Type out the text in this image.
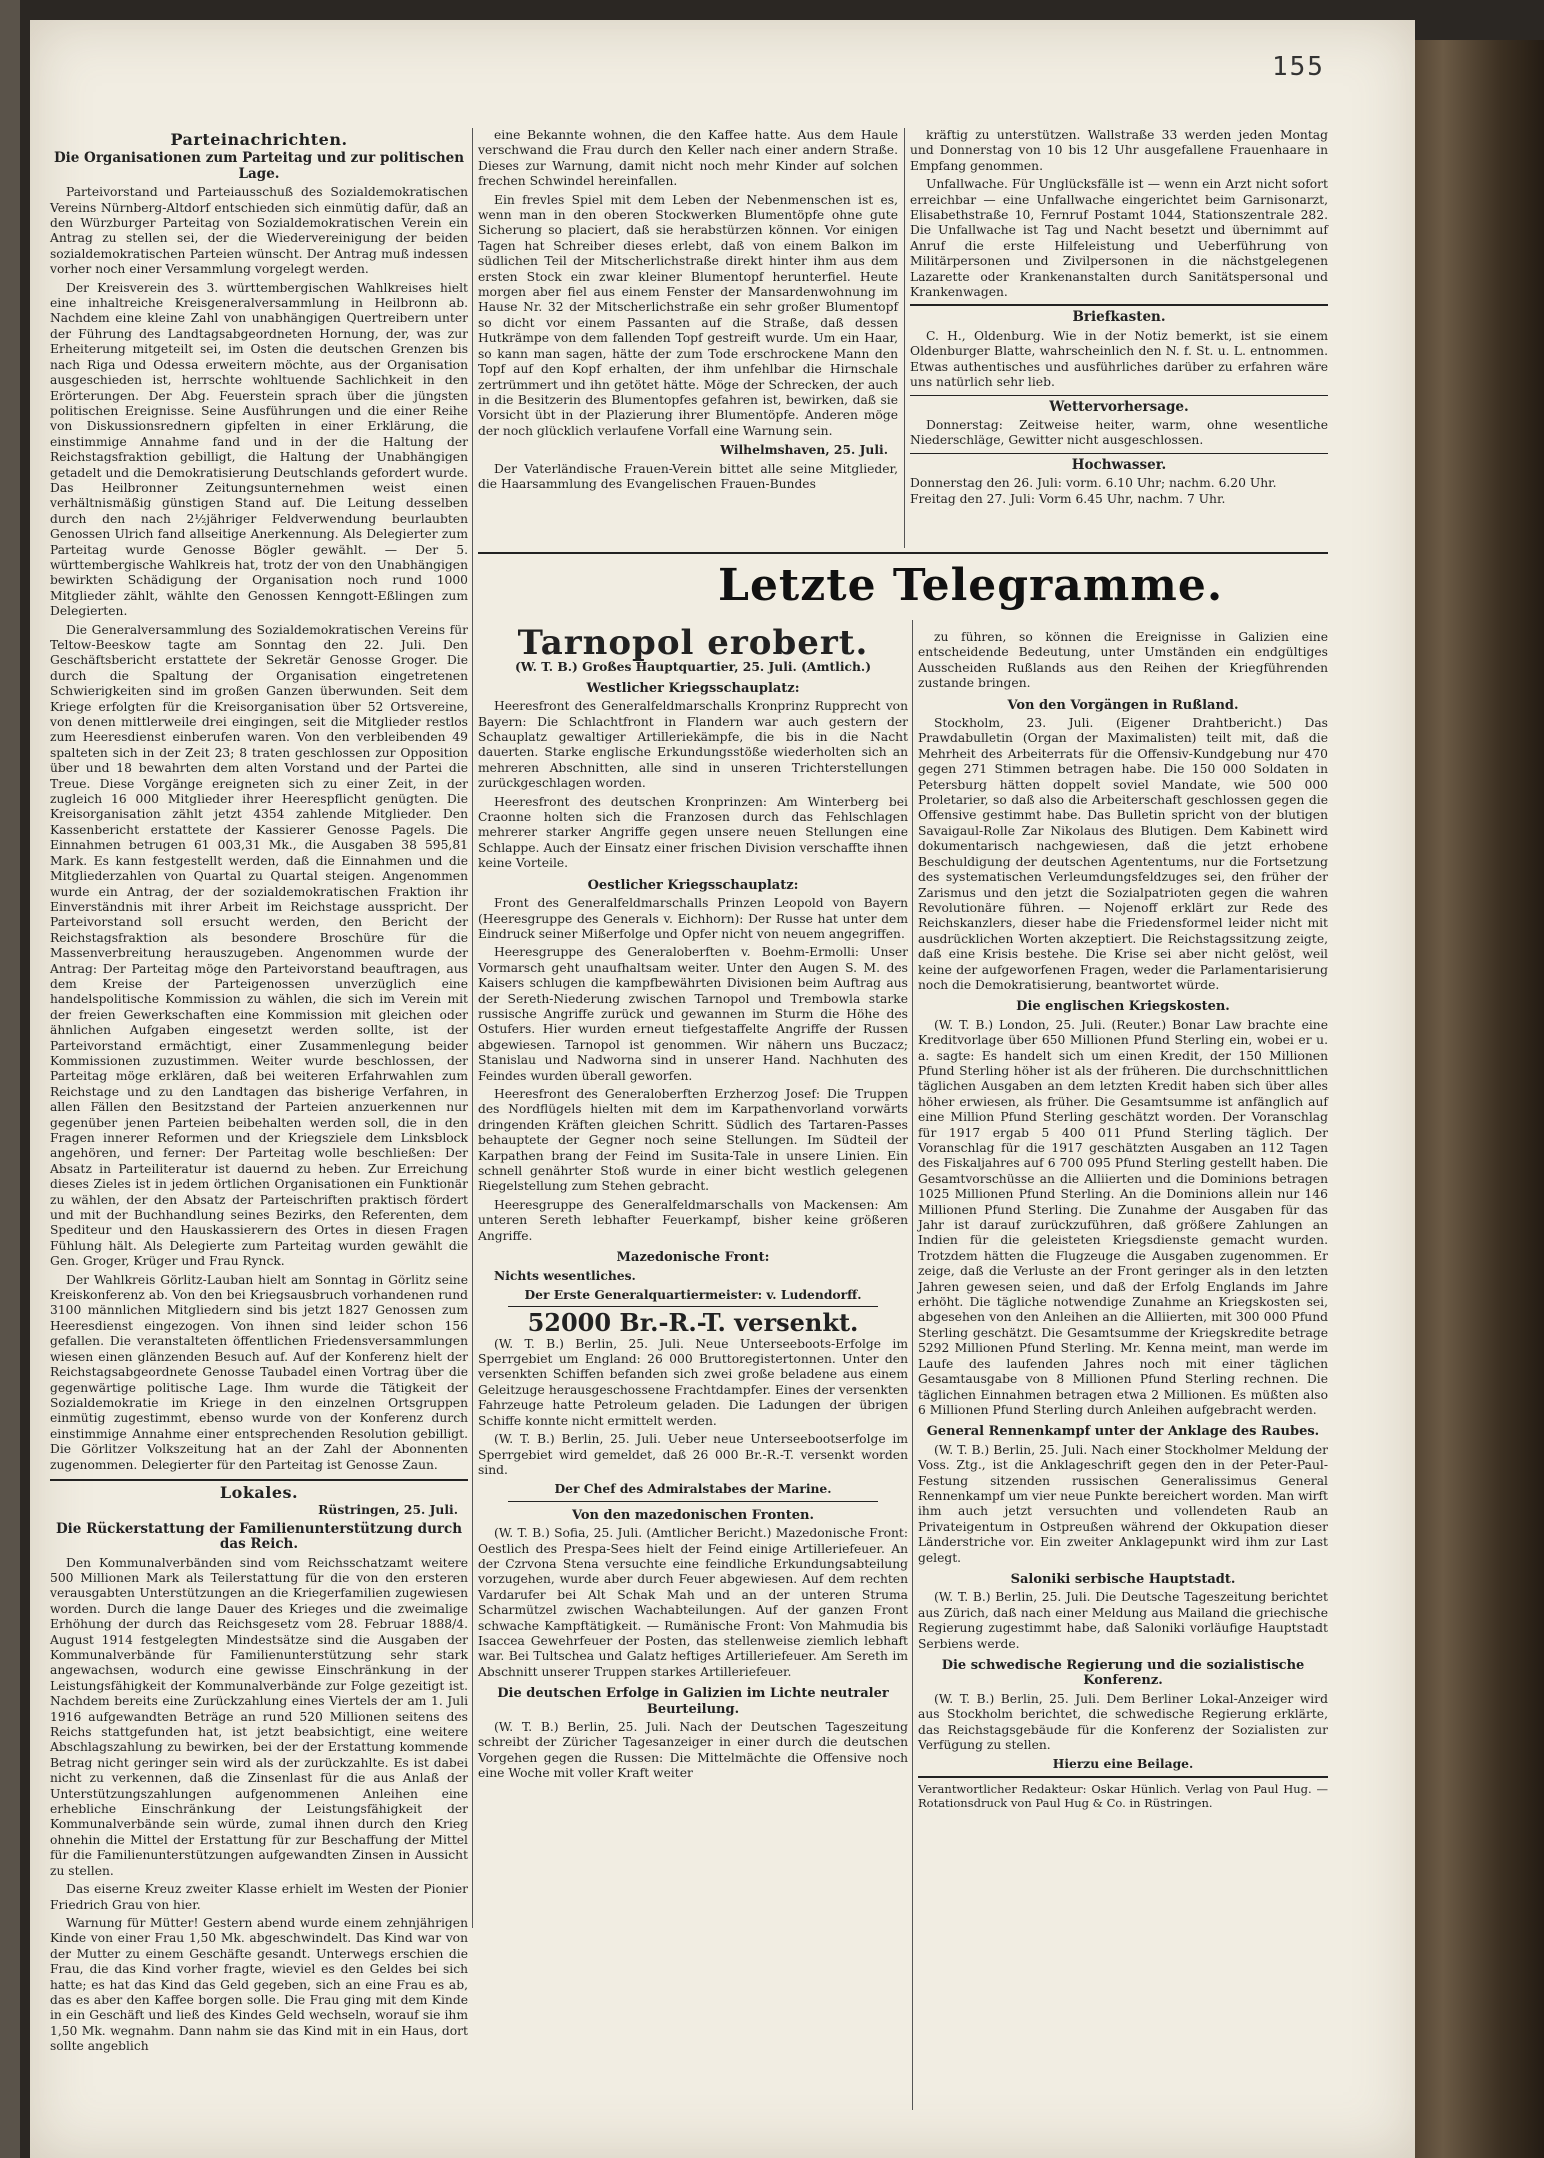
155
Parteinachrichten.
Die Organisationen zum Parteitag und zur politischen Lage.

Parteivorstand und Parteiausschuß des Sozialdemokratischen Vereins Nürnberg-Altdorf entschieden sich einmütig dafür, daß an den Würzburger Parteitag von Sozialdemokratischen Verein ein Antrag zu stellen sei, der die Wiedervereinigung der beiden sozialdemokratischen Parteien wünscht. Der Antrag muß indessen vorher noch einer Versammlung vorgelegt werden.

Der Kreisverein des 3. württembergischen Wahlkreises hielt eine inhaltreiche Kreisgeneralversammlung in Heilbronn ab. Nachdem eine kleine Zahl von unabhängigen Quertreibern unter der Führung des Landtagsabgeordneten Hornung, der, was zur Erheiterung mitgeteilt sei, im Osten die deutschen Grenzen bis nach Riga und Odessa erweitern möchte, aus der Organisation ausgeschieden ist, herrschte wohltuende Sachlichkeit in den Erörterungen. Der Abg. Feuerstein sprach über die jüngsten politischen Ereignisse. Seine Ausführungen und die einer Reihe von Diskussionsrednern gipfelten in einer Erklärung, die einstimmige Annahme fand und in der die Haltung der Reichstagsfraktion gebilligt, die Haltung der Unabhängigen getadelt und die Demokratisierung Deutschlands gefordert wurde. Das Heilbronner Zeitungsunternehmen weist einen verhältnismäßig günstigen Stand auf. Die Leitung desselben durch den nach 2½jähriger Feldverwendung beurlaubten Genossen Ulrich fand allseitige Anerkennung. Als Delegierter zum Parteitag wurde Genosse Bögler gewählt. — Der 5. württembergische Wahlkreis hat, trotz der von den Unabhängigen bewirkten Schädigung der Organisation noch rund 1000 Mitglieder zählt, wählte den Genossen Kenngott-Eßlingen zum Delegierten.

Die Generalversammlung des Sozialdemokratischen Vereins für Teltow-Beeskow tagte am Sonntag den 22. Juli. Den Geschäftsbericht erstattete der Sekretär Genosse Groger. Die durch die Spaltung der Organisation eingetretenen Schwierigkeiten sind im großen Ganzen überwunden. Seit dem Kriege erfolgten für die Kreisorganisation über 52 Ortsvereine, von denen mittlerweile drei eingingen, seit die Mitglieder restlos zum Heeresdienst einberufen waren. Von den verbleibenden 49 spalteten sich in der Zeit 23; 8 traten geschlossen zur Opposition über und 18 bewahrten dem alten Vorstand und der Partei die Treue. Diese Vorgänge ereigneten sich zu einer Zeit, in der zugleich 16 000 Mitglieder ihrer Heerespflicht genügten. Die Kreisorganisation zählt jetzt 4354 zahlende Mitglieder. Den Kassenbericht erstattete der Kassierer Genosse Pagels. Die Einnahmen betrugen 61 003,31 Mk., die Ausgaben 38 595,81 Mark. Es kann festgestellt werden, daß die Einnahmen und die Mitgliederzahlen von Quartal zu Quartal steigen. Angenommen wurde ein Antrag, der der sozialdemokratischen Fraktion ihr Einverständnis mit ihrer Arbeit im Reichstage ausspricht. Der Parteivorstand soll ersucht werden, den Bericht der Reichstagsfraktion als besondere Broschüre für die Massenverbreitung herauszugeben. Angenommen wurde der Antrag: Der Parteitag möge den Parteivorstand beauftragen, aus dem Kreise der Parteigenossen unverzüglich eine handelspolitische Kommission zu wählen, die sich im Verein mit der freien Gewerkschaften eine Kommission mit gleichen oder ähnlichen Aufgaben eingesetzt werden sollte, ist der Parteivorstand ermächtigt, einer Zusammenlegung beider Kommissionen zuzustimmen. Weiter wurde beschlossen, der Parteitag möge erklären, daß bei weiteren Erfahrwahlen zum Reichstage und zu den Landtagen das bisherige Verfahren, in allen Fällen den Besitzstand der Parteien anzuerkennen nur gegenüber jenen Parteien beibehalten werden soll, die in den Fragen innerer Reformen und der Kriegsziele dem Linksblock angehören, und ferner: Der Parteitag wolle beschließen: Der Absatz in Parteiliteratur ist dauernd zu heben. Zur Erreichung dieses Zieles ist in jedem örtlichen Organisationen ein Funktionär zu wählen, der den Absatz der Parteischriften praktisch fördert und mit der Buchhandlung seines Bezirks, den Referenten, dem Spediteur und den Hauskassierern des Ortes in diesen Fragen Fühlung hält. Als Delegierte zum Parteitag wurden gewählt die Gen. Groger, Krüger und Frau Rynck.

Der Wahlkreis Görlitz-Lauban hielt am Sonntag in Görlitz seine Kreiskonferenz ab. Von den bei Kriegsausbruch vorhandenen rund 3100 männlichen Mitgliedern sind bis jetzt 1827 Genossen zum Heeresdienst eingezogen. Von ihnen sind leider schon 156 gefallen. Die veranstalteten öffentlichen Friedensversammlungen wiesen einen glänzenden Besuch auf. Auf der Konferenz hielt der Reichstagsabgeordnete Genosse Taubadel einen Vortrag über die gegenwärtige politische Lage. Ihm wurde die Tätigkeit der Sozialdemokratie im Kriege in den einzelnen Ortsgruppen einmütig zugestimmt, ebenso wurde von der Konferenz durch einstimmige Annahme einer entsprechenden Resolution gebilligt. Die Görlitzer Volkszeitung hat an der Zahl der Abonnenten zugenommen. Delegierter für den Parteitag ist Genosse Zaun.

Lokales.
Rüstringen, 25. Juli.
Die Rückerstattung der Familienunterstützung durch das Reich.

Den Kommunalverbänden sind vom Reichsschatzamt weitere 500 Millionen Mark als Teilerstattung für die von den ersteren verausgabten Unterstützungen an die Kriegerfamilien zugewiesen worden. Durch die lange Dauer des Krieges und die zweimalige Erhöhung der durch das Reichsgesetz vom 28. Februar 1888/4. August 1914 festgelegten Mindestsätze sind die Ausgaben der Kommunalverbände für Familienunterstützung sehr stark angewachsen, wodurch eine gewisse Einschränkung in der Leistungsfähigkeit der Kommunalverbände zur Folge gezeitigt ist. Nachdem bereits eine Zurückzahlung eines Viertels der am 1. Juli 1916 aufgewandten Beträge an rund 520 Millionen seitens des Reichs stattgefunden hat, ist jetzt beabsichtigt, eine weitere Abschlagszahlung zu bewirken, bei der der Erstattung kommende Betrag nicht geringer sein wird als der zurückzahlte. Es ist dabei nicht zu verkennen, daß die Zinsenlast für die aus Anlaß der Unterstützungszahlungen aufgenommenen Anleihen eine erhebliche Einschränkung der Leistungsfähigkeit der Kommunalverbände sein würde, zumal ihnen durch den Krieg ohnehin die Mittel der Erstattung für zur Beschaffung der Mittel für die Familienunterstützungen aufgewandten Zinsen in Aussicht zu stellen.

Das eiserne Kreuz zweiter Klasse erhielt im Westen der Pionier Friedrich Grau von hier.

Warnung für Mütter! Gestern abend wurde einem zehnjährigen Kinde von einer Frau 1,50 Mk. abgeschwindelt. Das Kind war von der Mutter zu einem Geschäfte gesandt. Unterwegs erschien die Frau, die das Kind vorher fragte, wieviel es den Geldes bei sich hatte; es hat das Kind das Geld gegeben, sich an eine Frau es ab, das es aber den Kaffee borgen solle. Die Frau ging mit dem Kinde in ein Geschäft und ließ des Kindes Geld wechseln, worauf sie ihm 1,50 Mk. wegnahm. Dann nahm sie das Kind mit in ein Haus, dort sollte angeblich

eine Bekannte wohnen, die den Kaffee hatte. Aus dem Haule verschwand die Frau durch den Keller nach einer andern Straße. Dieses zur Warnung, damit nicht noch mehr Kinder auf solchen frechen Schwindel hereinfallen.

Ein frevles Spiel mit dem Leben der Nebenmenschen ist es, wenn man in den oberen Stockwerken Blumentöpfe ohne gute Sicherung so placiert, daß sie herabstürzen können. Vor einigen Tagen hat Schreiber dieses erlebt, daß von einem Balkon im südlichen Teil der Mitscherlichstraße direkt hinter ihm aus dem ersten Stock ein zwar kleiner Blumentopf herunterfiel. Heute morgen aber fiel aus einem Fenster der Mansardenwohnung im Hause Nr. 32 der Mitscherlichstraße ein sehr großer Blumentopf so dicht vor einem Passanten auf die Straße, daß dessen Hutkrämpe von dem fallenden Topf gestreift wurde. Um ein Haar, so kann man sagen, hätte der zum Tode erschrockene Mann den Topf auf den Kopf erhalten, der ihm unfehlbar die Hirnschale zertrümmert und ihn getötet hätte. Möge der Schrecken, der auch in die Besitzerin des Blumentopfes gefahren ist, bewirken, daß sie Vorsicht übt in der Plazierung ihrer Blumentöpfe. Anderen möge der noch glücklich verlaufene Vorfall eine Warnung sein.

Wilhelmshaven, 25. Juli.

Der Vaterländische Frauen-Verein bittet alle seine Mitglieder, die Haarsammlung des Evangelischen Frauen-Bundes

kräftig zu unterstützen. Wallstraße 33 werden jeden Montag und Donnerstag von 10 bis 12 Uhr ausgefallene Frauenhaare in Empfang genommen.

Unfallwache. Für Unglücksfälle ist — wenn ein Arzt nicht sofort erreichbar — eine Unfallwache eingerichtet beim Garnisonarzt, Elisabethstraße 10, Fernruf Postamt 1044, Stationszentrale 282. Die Unfallwache ist Tag und Nacht besetzt und übernimmt auf Anruf die erste Hilfeleistung und Ueberführung von Militärpersonen und Zivilpersonen in die nächstgelegenen Lazarette oder Krankenanstalten durch Sanitätspersonal und Krankenwagen.

Briefkasten.

C. H., Oldenburg. Wie in der Notiz bemerkt, ist sie einem Oldenburger Blatte, wahrscheinlich den N. f. St. u. L. entnommen. Etwas authentisches und ausführliches darüber zu erfahren wäre uns natürlich sehr lieb.

Wettervorhersage.

Donnerstag: Zeitweise heiter, warm, ohne wesentliche Niederschläge, Gewitter nicht ausgeschlossen.

Hochwasser.
Donnerstag den 26. Juli: vorm. 6.10 Uhr; nachm. 6.20 Uhr.
Freitag den 27. Juli: Vorm 6.45 Uhr, nachm. 7 Uhr.
Letzte Telegramme.
Tarnopol erobert.
(W. T. B.) Großes Hauptquartier, 25. Juli. (Amtlich.)
Westlicher Kriegsschauplatz:

Heeresfront des Generalfeldmarschalls Kronprinz Rupprecht von Bayern: Die Schlachtfront in Flandern war auch gestern der Schauplatz gewaltiger Artilleriekämpfe, die bis in die Nacht dauerten. Starke englische Erkundungsstöße wiederholten sich an mehreren Abschnitten, alle sind in unseren Trichterstellungen zurückgeschlagen worden.

Heeresfront des deutschen Kronprinzen: Am Winterberg bei Craonne holten sich die Franzosen durch das Fehlschlagen mehrerer starker Angriffe gegen unsere neuen Stellungen eine Schlappe. Auch der Einsatz einer frischen Division verschaffte ihnen keine Vorteile.

Oestlicher Kriegsschauplatz:

Front des Generalfeldmarschalls Prinzen Leopold von Bayern (Heeresgruppe des Generals v. Eichhorn): Der Russe hat unter dem Eindruck seiner Mißerfolge und Opfer nicht von neuem angegriffen.

Heeresgruppe des Generaloberften v. Boehm-Ermolli: Unser Vormarsch geht unaufhaltsam weiter. Unter den Augen S. M. des Kaisers schlugen die kampfbewährten Divisionen beim Auftrag aus der Sereth-Niederung zwischen Tarnopol und Trembowla starke russische Angriffe zurück und gewannen im Sturm die Höhe des Ostufers. Hier wurden erneut tiefgestaffelte Angriffe der Russen abgewiesen. Tarnopol ist genommen. Wir nähern uns Buczacz; Stanislau und Nadworna sind in unserer Hand. Nachhuten des Feindes wurden überall geworfen.

Heeresfront des Generaloberften Erzherzog Josef: Die Truppen des Nordflügels hielten mit dem im Karpathenvorland vorwärts dringenden Kräften gleichen Schritt. Südlich des Tartaren-Passes behauptete der Gegner noch seine Stellungen. Im Südteil der Karpathen brang der Feind im Susita-Tale in unsere Linien. Ein schnell genährter Stoß wurde in einer bicht westlich gelegenen Riegelstellung zum Stehen gebracht.

Heeresgruppe des Generalfeldmarschalls von Mackensen: Am unteren Sereth lebhafter Feuerkampf, bisher keine größeren Angriffe.

Mazedonische Front:
Nichts wesentliches.
Der Erste Generalquartiermeister: v. Ludendorff.
52000 Br.-R.-T. versenkt.

(W. T. B.) Berlin, 25. Juli. Neue Unterseeboots-Erfolge im Sperrgebiet um England: 26 000 Bruttoregistertonnen. Unter den versenkten Schiffen befanden sich zwei große beladene aus einem Geleitzuge herausgeschossene Frachtdampfer. Eines der versenkten Fahrzeuge hatte Petroleum geladen. Die Ladungen der übrigen Schiffe konnte nicht ermittelt werden.

(W. T. B.) Berlin, 25. Juli. Ueber neue Unterseebootserfolge im Sperrgebiet wird gemeldet, daß 26 000 Br.-R.-T. versenkt worden sind.

Der Chef des Admiralstabes der Marine.
Von den mazedonischen Fronten.

(W. T. B.) Sofia, 25. Juli. (Amtlicher Bericht.) Mazedonische Front: Oestlich des Prespa-Sees hielt der Feind einige Artilleriefeuer. An der Czrvona Stena versuchte eine feindliche Erkundungsabteilung vorzugehen, wurde aber durch Feuer abgewiesen. Auf dem rechten Vardarufer bei Alt Schak Mah und an der unteren Struma Scharmützel zwischen Wachabteilungen. Auf der ganzen Front schwache Kampftätigkeit. — Rumänische Front: Von Mahmudia bis Isaccea Gewehrfeuer der Posten, das stellenweise ziemlich lebhaft war. Bei Tultschea und Galatz heftiges Artilleriefeuer. Am Sereth im Abschnitt unserer Truppen starkes Artilleriefeuer.

Die deutschen Erfolge in Galizien im Lichte neutraler Beurteilung.

(W. T. B.) Berlin, 25. Juli. Nach der Deutschen Tageszeitung schreibt der Züricher Tagesanzeiger in einer durch die deutschen Vorgehen gegen die Russen: Die Mittelmächte die Offensive noch eine Woche mit voller Kraft weiter

zu führen, so können die Ereignisse in Galizien eine entscheidende Bedeutung, unter Umständen ein endgültiges Ausscheiden Rußlands aus den Reihen der Kriegführenden zustande bringen.

Von den Vorgängen in Rußland.

Stockholm, 23. Juli. (Eigener Drahtbericht.) Das Prawdabulletin (Organ der Maximalisten) teilt mit, daß die Mehrheit des Arbeiterrats für die Offensiv-Kundgebung nur 470 gegen 271 Stimmen betragen habe. Die 150 000 Soldaten in Petersburg hätten doppelt soviel Mandate, wie 500 000 Proletarier, so daß also die Arbeiterschaft geschlossen gegen die Offensive gestimmt habe. Das Bulletin spricht von der blutigen Savaigaul-Rolle Zar Nikolaus des Blutigen. Dem Kabinett wird dokumentarisch nachgewiesen, daß die jetzt erhobene Beschuldigung der deutschen Agententums, nur die Fortsetzung des systematischen Verleumdungsfeldzuges sei, den früher der Zarismus und den jetzt die Sozialpatrioten gegen die wahren Revolutionäre führen. — Nojenoff erklärt zur Rede des Reichskanzlers, dieser habe die Friedensformel leider nicht mit ausdrücklichen Worten akzeptiert. Die Reichstagssitzung zeigte, daß eine Krisis bestehe. Die Krise sei aber nicht gelöst, weil keine der aufgeworfenen Fragen, weder die Parlamentarisierung noch die Demokratisierung, beantwortet würde.

Die englischen Kriegskosten.

(W. T. B.) London, 25. Juli. (Reuter.) Bonar Law brachte eine Kreditvorlage über 650 Millionen Pfund Sterling ein, wobei er u. a. sagte: Es handelt sich um einen Kredit, der 150 Millionen Pfund Sterling höher ist als der früheren. Die durchschnittlichen täglichen Ausgaben an dem letzten Kredit haben sich über alles höher erwiesen, als früher. Die Gesamtsumme ist anfänglich auf eine Million Pfund Sterling geschätzt worden. Der Voranschlag für 1917 ergab 5 400 011 Pfund Sterling täglich. Der Voranschlag für die 1917 geschätzten Ausgaben an 112 Tagen des Fiskaljahres auf 6 700 095 Pfund Sterling gestellt haben. Die Gesamtvorschüsse an die Alliierten und die Dominions betragen 1025 Millionen Pfund Sterling. An die Dominions allein nur 146 Millionen Pfund Sterling. Die Zunahme der Ausgaben für das Jahr ist darauf zurückzuführen, daß größere Zahlungen an Indien für die geleisteten Kriegsdienste gemacht wurden. Trotzdem hätten die Flugzeuge die Ausgaben zugenommen. Er zeige, daß die Verluste an der Front geringer als in den letzten Jahren gewesen seien, und daß der Erfolg Englands im Jahre erhöht. Die tägliche notwendige Zunahme an Kriegskosten sei, abgesehen von den Anleihen an die Alliierten, mit 300 000 Pfund Sterling geschätzt. Die Gesamtsumme der Kriegskredite betrage 5292 Millionen Pfund Sterling. Mr. Kenna meint, man werde im Laufe des laufenden Jahres noch mit einer täglichen Gesamtausgabe von 8 Millionen Pfund Sterling rechnen. Die täglichen Einnahmen betragen etwa 2 Millionen. Es müßten also 6 Millionen Pfund Sterling durch Anleihen aufgebracht werden.

General Rennenkampf unter der Anklage des Raubes.

(W. T. B.) Berlin, 25. Juli. Nach einer Stockholmer Meldung der Voss. Ztg., ist die Anklageschrift gegen den in der Peter-Paul-Festung sitzenden russischen Generalissimus General Rennenkampf um vier neue Punkte bereichert worden. Man wirft ihm auch jetzt versuchten und vollendeten Raub an Privateigentum in Ostpreußen während der Okkupation dieser Länderstriche vor. Ein zweiter Anklagepunkt wird ihm zur Last gelegt.

Saloniki serbische Hauptstadt.

(W. T. B.) Berlin, 25. Juli. Die Deutsche Tageszeitung berichtet aus Zürich, daß nach einer Meldung aus Mailand die griechische Regierung zugestimmt habe, daß Saloniki vorläufige Hauptstadt Serbiens werde.

Die schwedische Regierung und die sozialistische Konferenz.

(W. T. B.) Berlin, 25. Juli. Dem Berliner Lokal-Anzeiger wird aus Stockholm berichtet, die schwedische Regierung erklärte, das Reichstagsgebäude für die Konferenz der Sozialisten zur Verfügung zu stellen.

Hierzu eine Beilage.

Verantwortlicher Redakteur: Oskar Hünlich. Verlag von Paul Hug. — Rotationsdruck von Paul Hug & Co. in Rüstringen.
